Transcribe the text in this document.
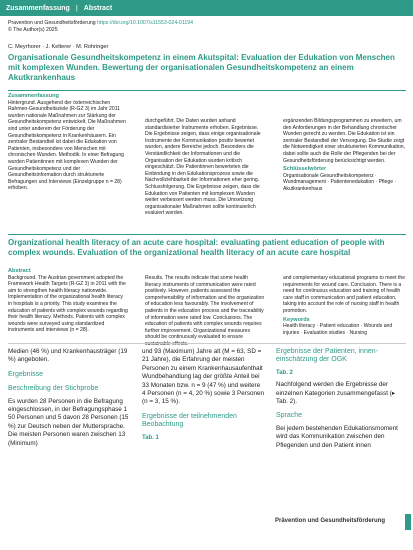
Zusammenfassung | Abstract
Pravention und Gesundheitsförderung https://doi.org/10.1007/s11553-024-01194
© The Author(s) 2025
C. Meyrhorer · J. Kelterer · M. Rohringer
Organisationale Gesundheitskompetenz in einem Akutspital: Evaluation der Edukation von Menschen mit komplexen Wunden. Bewertung der organisationalen Gesundheitskompetenz an einem Akutkrankenhaus
Zusammenfassung

Hintergrund. Ausgehend der österreichischen Rahmen-Gesundheitsziele (R-GZ 3) im Jahr 2011 wurden nationale Maßnahmen zur Stärkung der Gesundheitskompetenz entwickelt. Die Maßnahmen sind unter anderem der Förderung der Gesundheitskompetenz in Krankenhäusern. Ein zentraler Bestandteil ist dabei die Edukation von Patienten, insbesondere von Menschen mit chronischen Wunden. Methodik. In einer Befragung wurden Patientinnen mit komplexen Wunden der Gesundheitskompetenz und der Gesundheitsinformation durch strukturierte Befragungen und Interviews (Einzelgruppe n = 28) erhoben.

durchgeführt. Die Daten wurden anhand standardisierter Instrumente erhoben. Ergebnisse. Die Ergebnisse zeigen, dass einige organisationale Instrumente der Kommunikation positiv bewertet wurden, andere Bereiche jedoch. Besonders die Verständlichkeit der Informationen und die Organisation der Edukation wurden kritisch eingeschätzt. Die Patientinnen bewerteten die Einbindung in den Edukationsprozess sowie die Nachvollziehbarkeit der Informationen eher gering. Schlussfolgerung. Die Ergebnisse zeigen, dass die Edukation von Patienten mit komplexen Wunden weiter verbessert werden muss. Die Umsetzung organisationaler Maßnahmen sollte kontinuierlich evaluiert werden.

ergänzenden Bildungsprogrammen zu erweitern, um den Anforderungen in der Behandlung chronischer Wunden gerecht zu werden. Die Edukation ist ein zentraler Bestandteil der Versorgung. Die Studie zeigt die Notwendigkeit einer strukturierten Kommunikation, dabei sollte auch die Rolle der Pflegenden bei der Gesundheitsförderung berücksichtigt werden.

Schlüsselwörter

Organisationale Gesundheitskompetenz · Wundmanagement · Patientenedukation · Pflege · Akutkrankenhaus

Organizational health literacy of an acute care hospital: evaluating patient education of people with complex wounds. Evaluation of the organizational health literacy of an acute care hospital
Abstract

Background. The Austrian government adopted the Framework Health Targets (R-GZ 3) in 2011 with the aim to strengthen health literacy nationwide. Implementation of the organizational health literacy in hospitals is a priority. This study examines the education of patients with complex wounds regarding their health literacy. Methods. Patients with complex wounds were surveyed using standardized instruments and interviews (n = 28).

Results. The results indicate that some health literacy instruments of communication were rated positively. However, patients assessed the comprehensibility of information and the organization of education less favourably. The involvement of patients in the education process and the traceability of information were rated low. Conclusions. The education of patients with complex wounds requires further improvement. Organizational measures should be continuously evaluated to ensure

and complementary educational programs to meet the requirements for wound care. Conclusion. There is a need for continuous education and training of health care staff in communication and patient education, taking into account the role of nursing staff in health promotion.

Keywords

Health literacy · Patient education · Wounds and injuries · Evaluation studies · Nursing

Medien (46 %) und Krankenhausträger (19 %) angeboten.

Ergebnisse
Beschreibung der Stichprobe

Es wurden 28 Personen in die Befragung eingeschlossen, in der Befragungsphase 1 50 Personen und 5 davon 28 Personen (15 %) zur Deutsch neben der Muttersprache. Die meisten Personen waren zwischen 13 (Minimum)

und 93 (Maximum) Jahre alt (M = 63, SD = 21 Jahre), die Erfahrung der meisten Personen zu einem Krankenhausaufenthalt Wundbehandlung lag der größte Anteil bei 33 Monaten bzw. n = 9 (47 %) und weitere 4 Personen (n = 4, 20 %) sowie 3 Personen (n = 3, 15 %).

Ergebnisse der teilnehmenden Beobachtung
Tab. 1
Ergebnisse der Patienten, innen-einschätzung der OGK
Tab. 2

Nachfolgend werden die Ergebnisse der einzelnen Kategorien zusammengefasst (▸ Tab. 2).

Sprache

Bei jedem bestehenden Edukationsmoment wird das Kommunikation zwischen den Pflegenden und den Patient innen

Prävention und Gesundheitsförderung
